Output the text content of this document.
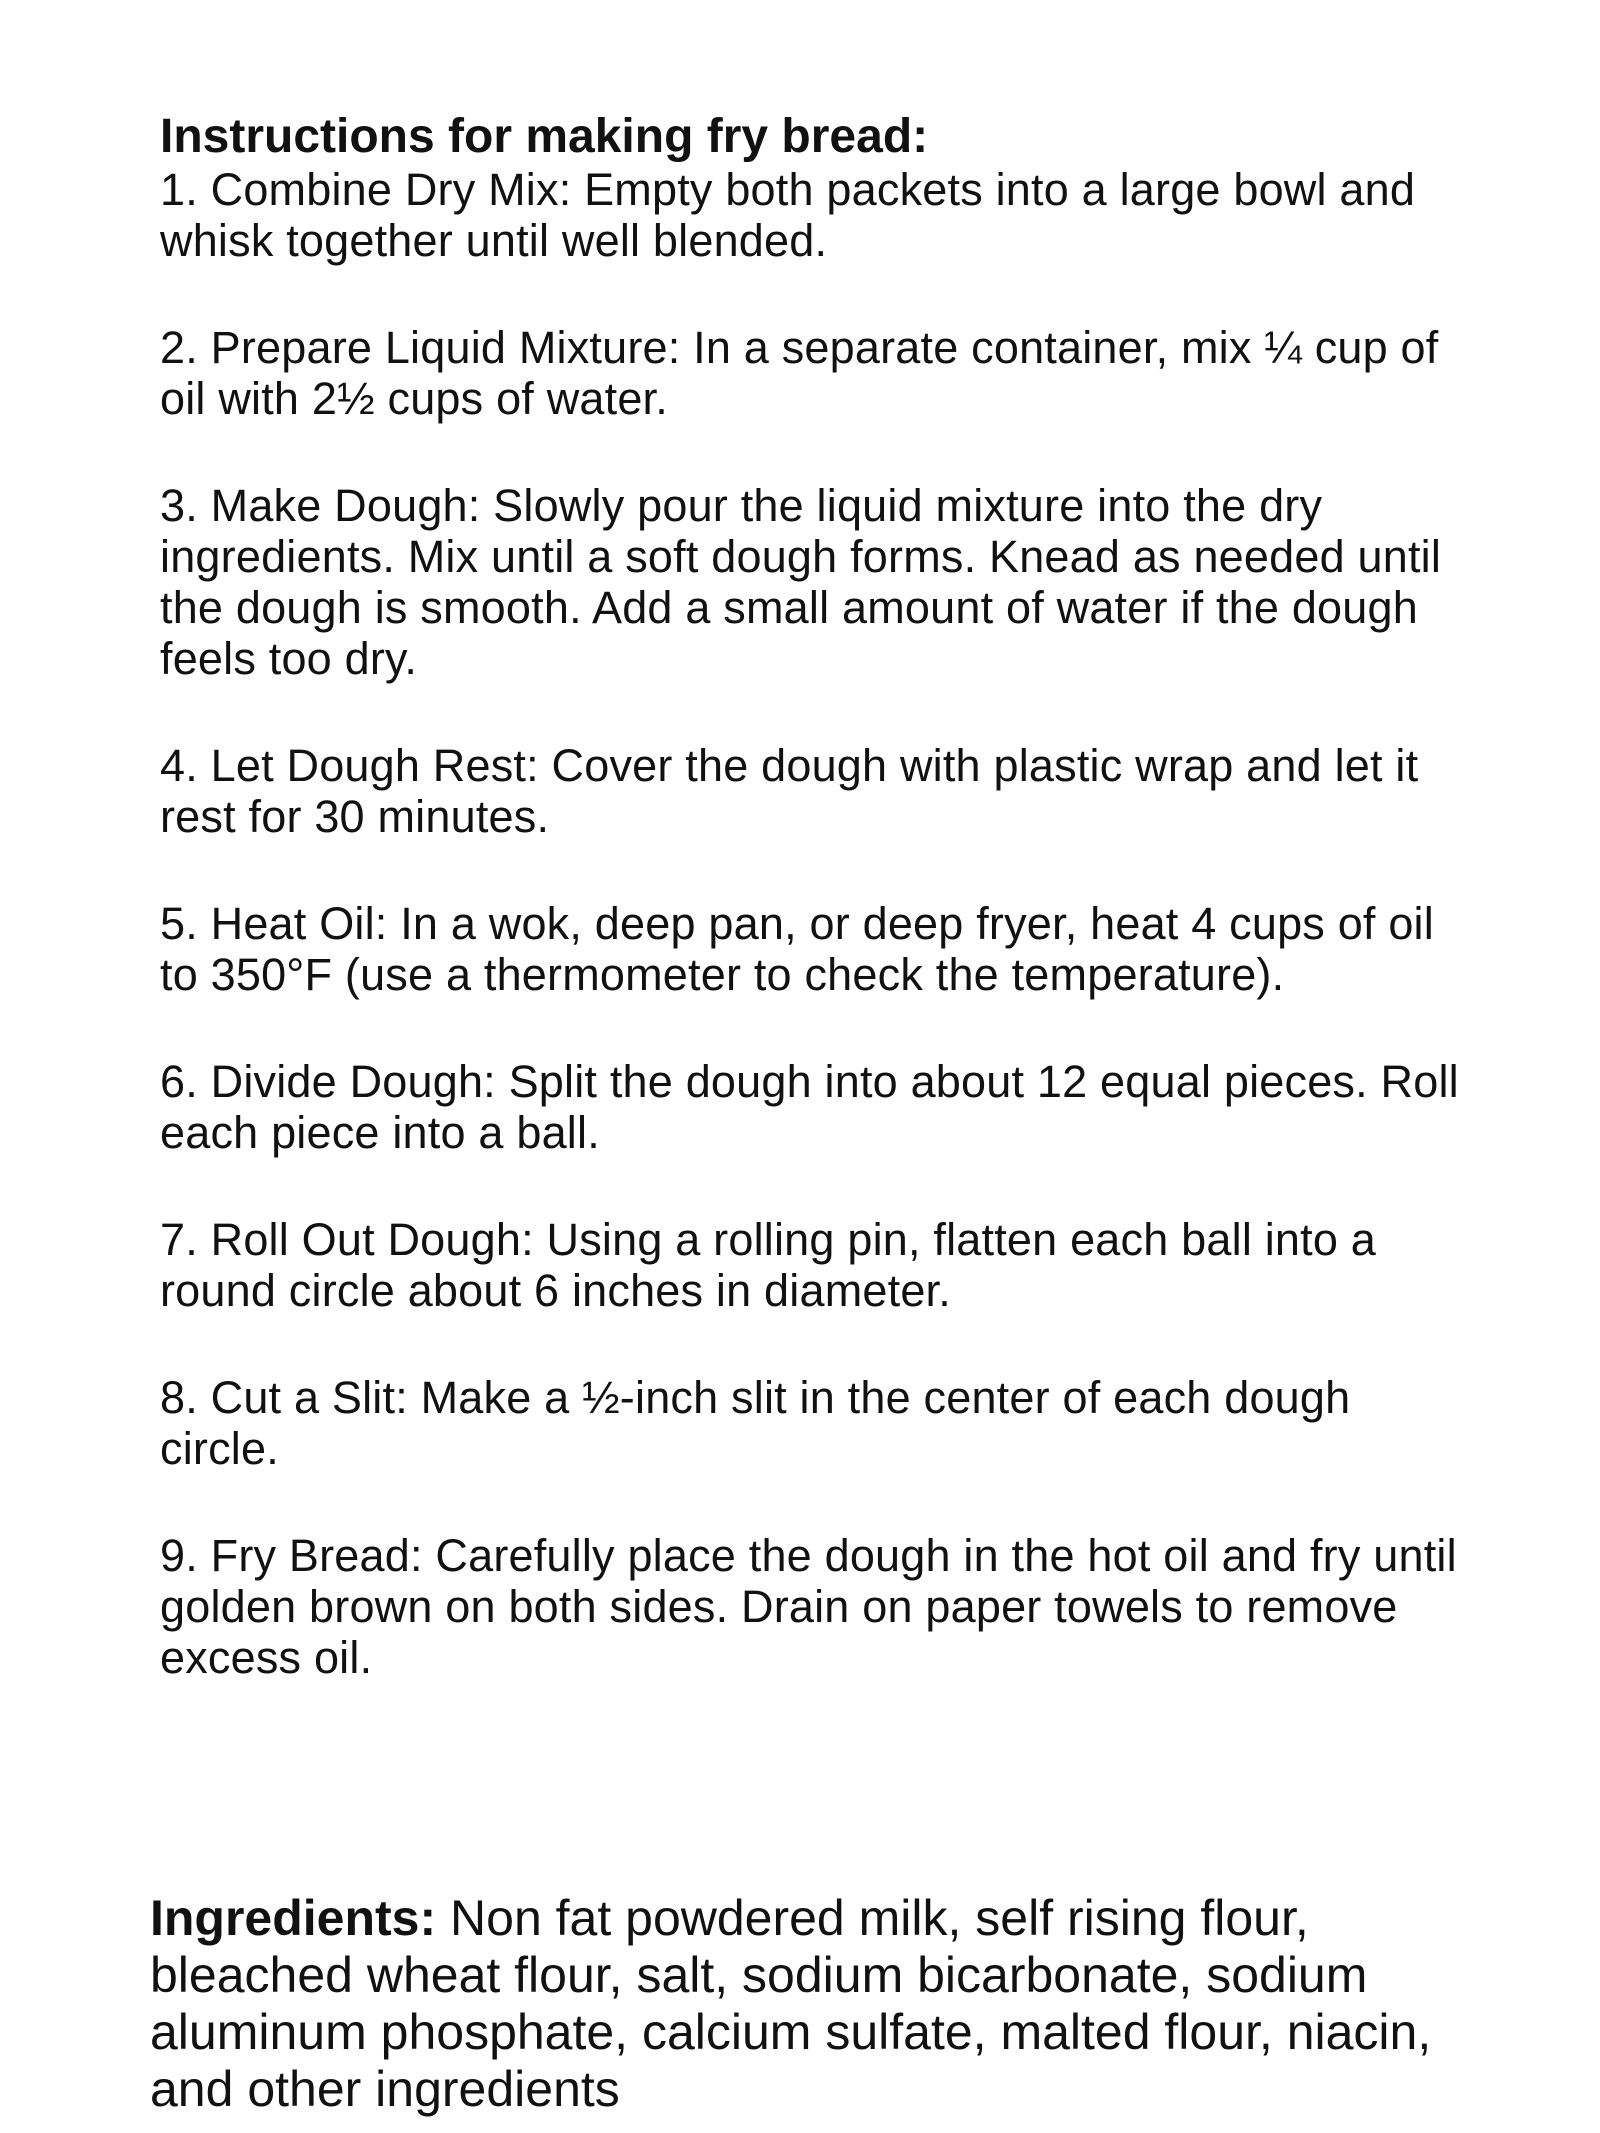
Instructions for making fry bread:
1. Combine Dry Mix: Empty both packets into a large bowl and whisk together until well blended.
2. Prepare Liquid Mixture: In a separate container, mix ¼ cup of oil with 2½ cups of water.
3. Make Dough: Slowly pour the liquid mixture into the dry ingredients. Mix until a soft dough forms. Knead as needed until the dough is smooth. Add a small amount of water if the dough feels too dry.
4. Let Dough Rest: Cover the dough with plastic wrap and let it rest for 30 minutes.
5. Heat Oil: In a wok, deep pan, or deep fryer, heat 4 cups of oil to 350°F (use a thermometer to check the temperature).
6. Divide Dough: Split the dough into about 12 equal pieces. Roll each piece into a ball.
7. Roll Out Dough: Using a rolling pin, flatten each ball into a round circle about 6 inches in diameter.
8. Cut a Slit: Make a ½-inch slit in the center of each dough circle.
9. Fry Bread: Carefully place the dough in the hot oil and fry until golden brown on both sides. Drain on paper towels to remove excess oil.

Ingredients: Non fat powdered milk, self rising flour, bleached wheat flour, salt, sodium bicarbonate, sodium aluminum phosphate, calcium sulfate, malted flour, niacin, and other ingredients
